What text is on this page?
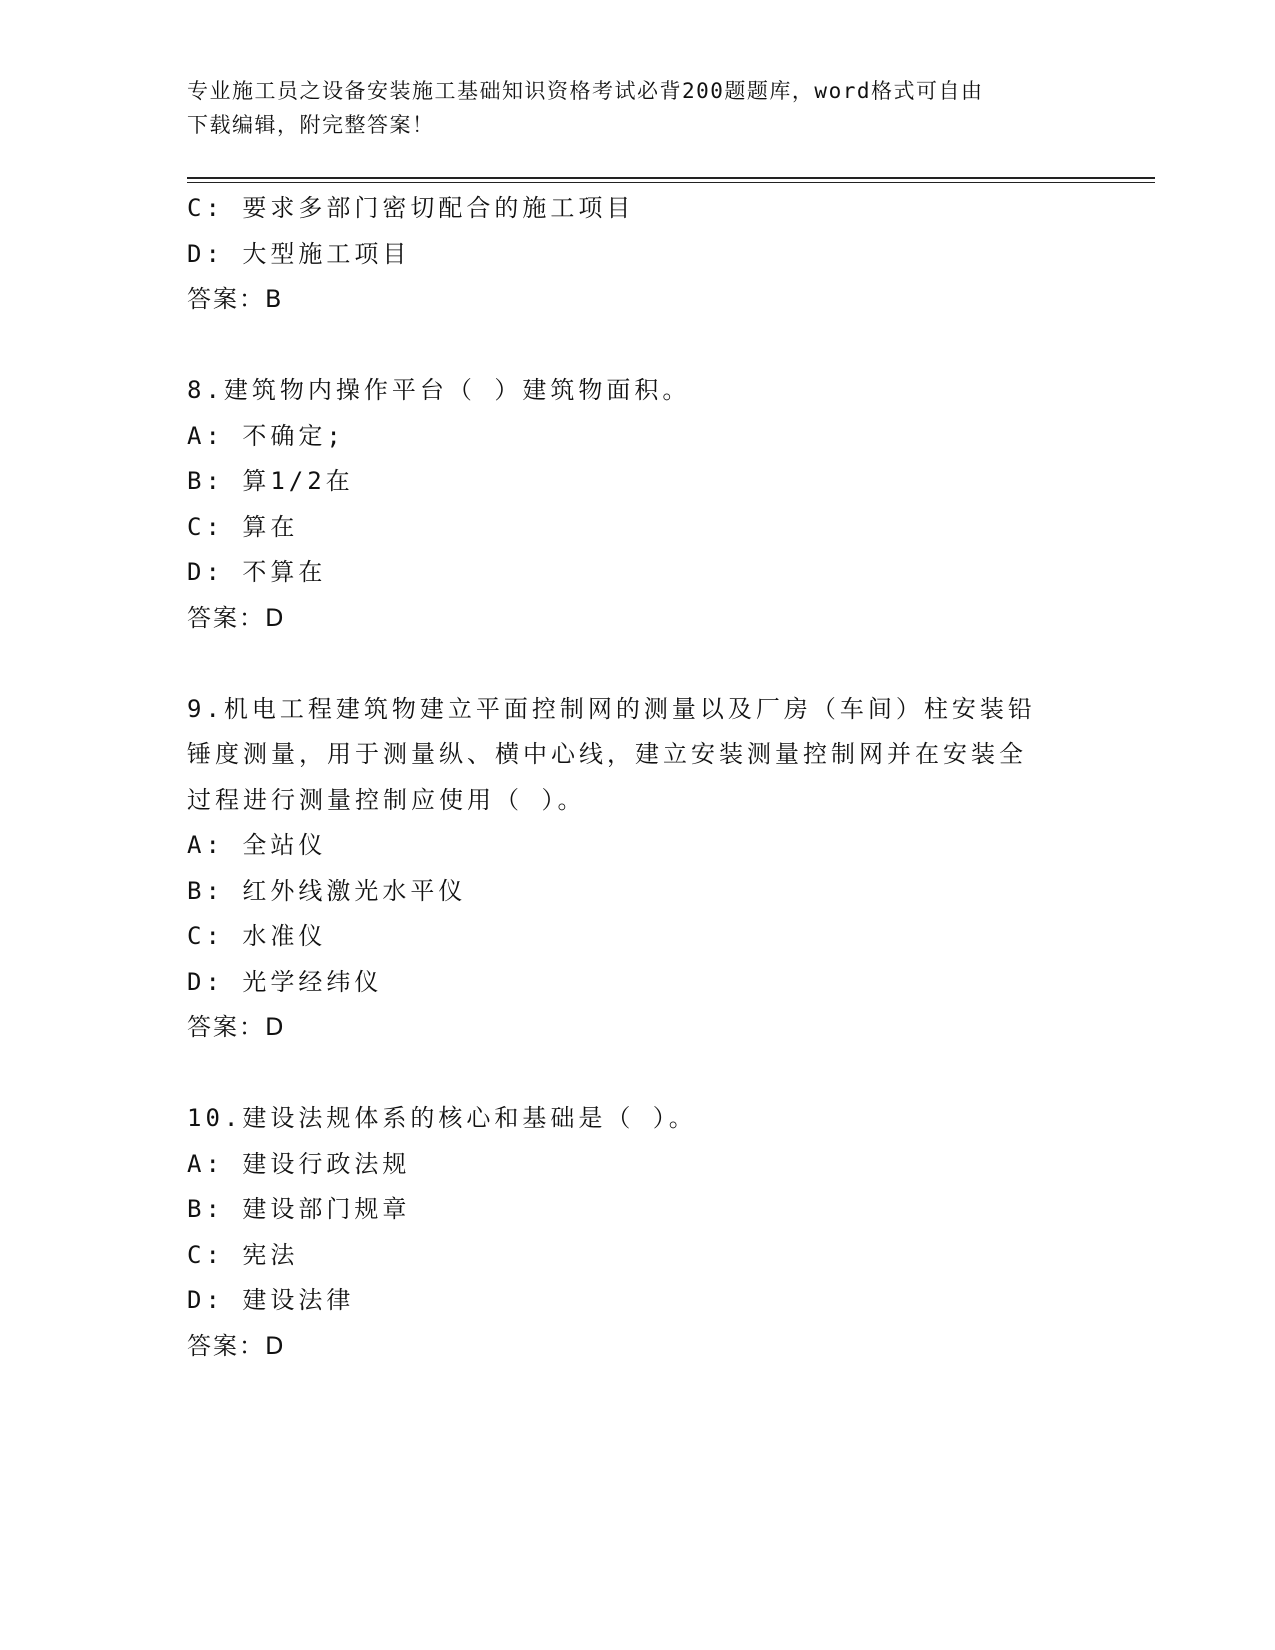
专业施工员之设备安装施工基础知识资格考试必背200题题库，word格式可自由
下载编辑，附完整答案！
C: 要求多部门密切配合的施工项目
D: 大型施工项目
答案：B
8.建筑物内操作平台（ ）建筑物面积。
A: 不确定;
B: 算1/2在
C: 算在
D: 不算在
答案：D
9.机电工程建筑物建立平面控制网的测量以及厂房（车间）柱安装铅
锤度测量，用于测量纵、横中心线，建立安装测量控制网并在安装全
过程进行测量控制应使用（ ）。
A: 全站仪
B: 红外线激光水平仪
C: 水准仪
D: 光学经纬仪
答案：D
10.建设法规体系的核心和基础是（ ）。
A: 建设行政法规
B: 建设部门规章
C: 宪法
D: 建设法律
答案：D
